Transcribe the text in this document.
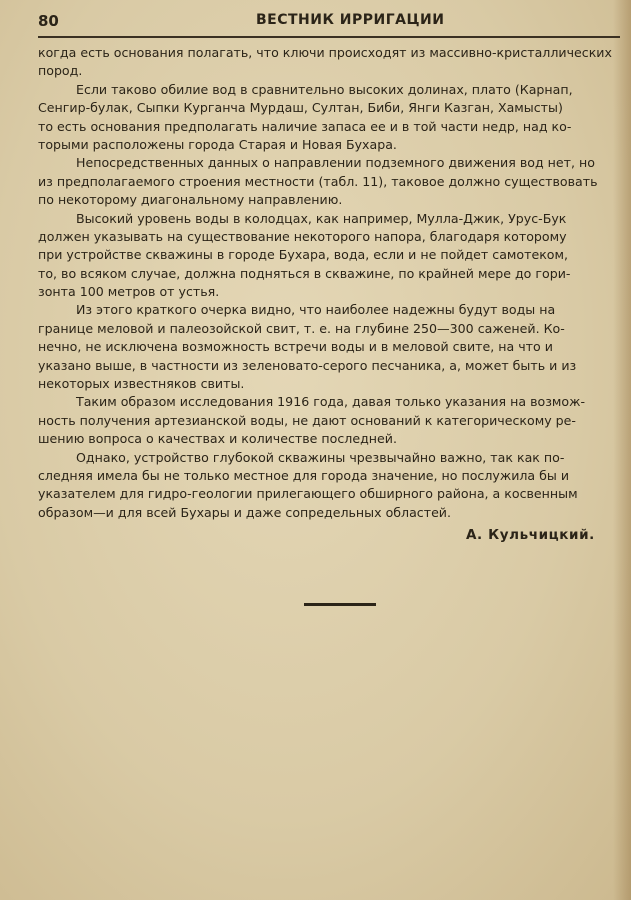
80	ВЕСТНИК ИРРИГАЦИИ
когда есть основания полагать, что ключи происходят из массивно-кристаллических
пород.
Если таково обилие вод в сравнительно высоких долинах, плато (Карнап,
Сенгир-булак, Сыпки Курганча Мурдаш, Султан, Биби, Янги Казган, Хамысты)
то есть основания предполагать наличие запаса ее и в той части недр, над ко-
торыми расположены города Старая и Новая Бухара.
Непосредственных данных о направлении подземного движения вод нет, но
из предполагаемого строения местности (табл. 11), таковое должно существовать
по некоторому диагональному направлению.
Высокий уровень воды в колодцах, как например, Мулла-Джик, Урус-Бук
должен указывать на существование некоторого напора, благодаря которому
при устройстве скважины в городе Бухара, вода, если и не пойдет самотеком,
то, во всяком случае, должна подняться в скважине, по крайней мере до гори-
зонта 100 метров от устья.
Из этого краткого очерка видно, что наиболее надежны будут воды на
границе меловой и палеозойской свит, т. е. на глубине 250—300 саженей. Ко-
нечно, не исключена возможность встречи воды и в меловой свите, на что и
указано выше, в частности из зеленовато-серого песчаника, а, может быть и из
некоторых известняков свиты.
Таким образом исследования 1916 года, давая только указания на возмож-
ность получения артезианской воды, не дают оснований к категорическому ре-
шению вопроса о качествах и количестве последней.
Однако, устройство глубокой скважины чрезвычайно важно, так как по-
следняя имела бы не только местное для города значение, но послужила бы и
указателем для гидро-геологии прилегающего обширного района, а косвенным
образом—и для всей Бухары и даже сопредельных областей.
А. Кульчицкий.
